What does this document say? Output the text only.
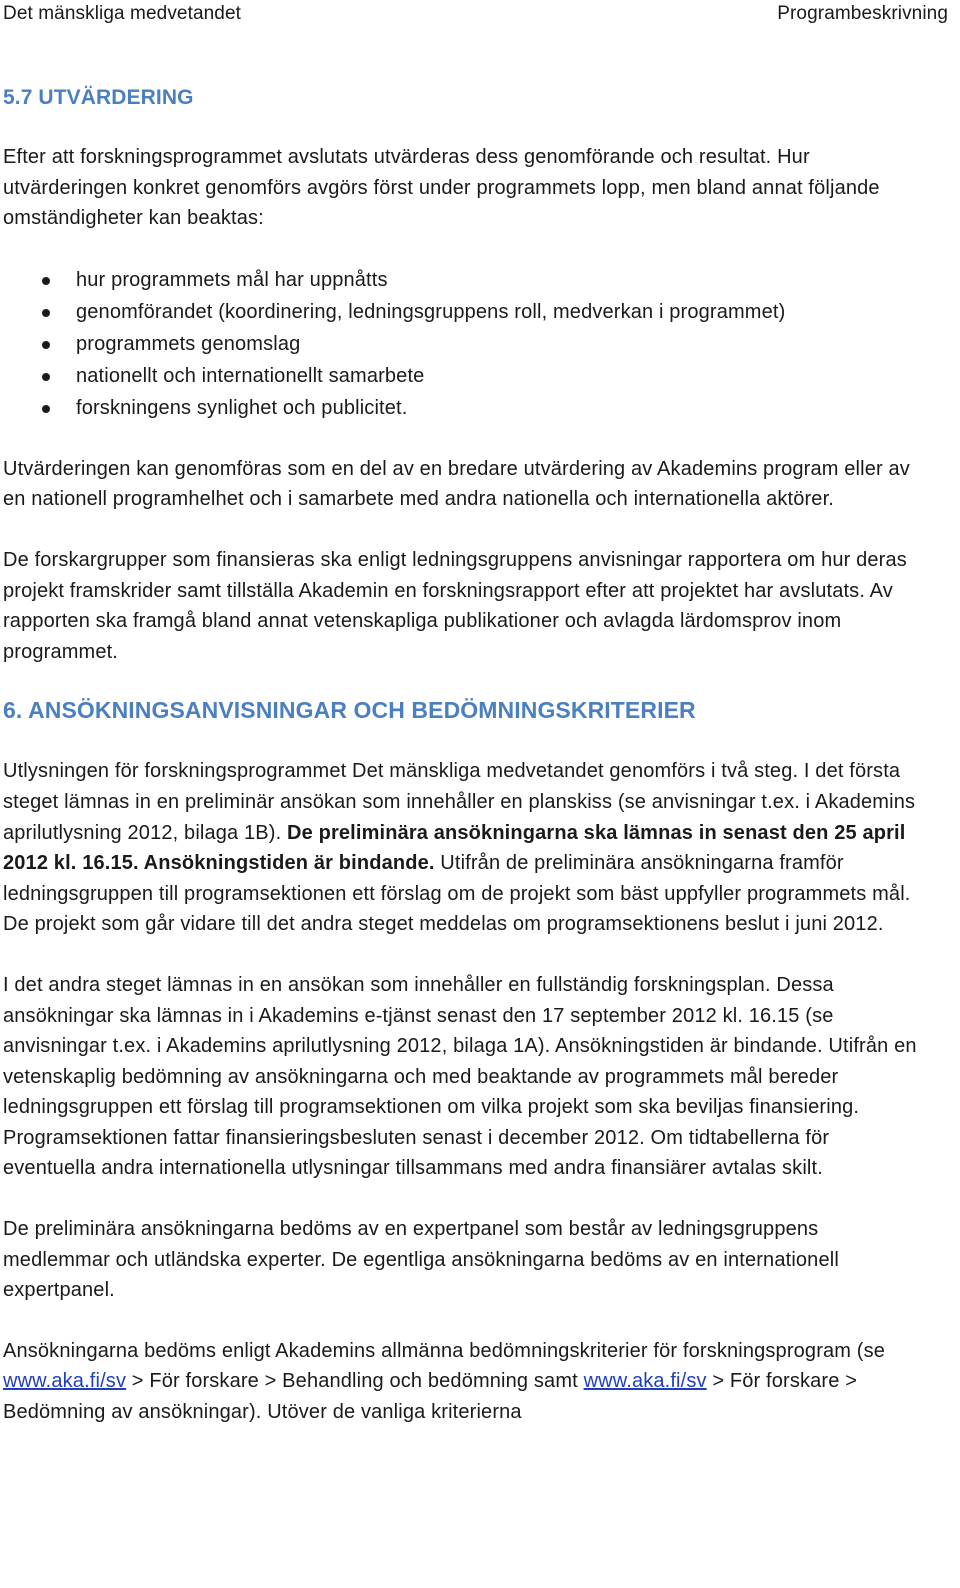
Det mänskliga medvetandet	Programbeskrivning
5.7 UTVÄRDERING

Efter att forskningsprogrammet avslutats utvärderas dess genomförande och resultat. Hur utvärderingen konkret genomförs avgörs först under programmets lopp, men bland annat följande omständigheter kan beaktas:

hur programmets mål har uppnåtts
genomförandet (koordinering, ledningsgruppens roll, medverkan i programmet)
programmets genomslag
nationellt och internationellt samarbete
forskningens synlighet och publicitet.

Utvärderingen kan genomföras som en del av en bredare utvärdering av Akademins program eller av en nationell programhelhet och i samarbete med andra nationella och internationella aktörer.

De forskargrupper som finansieras ska enligt ledningsgruppens anvisningar rapportera om hur deras projekt framskrider samt tillställa Akademin en forskningsrapport efter att projektet har avslutats. Av rapporten ska framgå bland annat vetenskapliga publikationer och avlagda lärdomsprov inom programmet.

6. ANSÖKNINGSANVISNINGAR OCH BEDÖMNINGSKRITERIER

Utlysningen för forskningsprogrammet Det mänskliga medvetandet genomförs i två steg. I det första steget lämnas in en preliminär ansökan som innehåller en planskiss (se anvisningar t.ex. i Akademins aprilutlysning 2012, bilaga 1B). De preliminära ansökningarna ska lämnas in senast den 25 april 2012 kl. 16.15. Ansökningstiden är bindande. Utifrån de preliminära ansökningarna framför ledningsgruppen till programsektionen ett förslag om de projekt som bäst uppfyller programmets mål. De projekt som går vidare till det andra steget meddelas om programsektionens beslut i juni 2012.

I det andra steget lämnas in en ansökan som innehåller en fullständig forskningsplan. Dessa ansökningar ska lämnas in i Akademins e-tjänst senast den 17 september 2012 kl. 16.15 (se anvisningar t.ex. i Akademins aprilutlysning 2012, bilaga 1A). Ansökningstiden är bindande. Utifrån en vetenskaplig bedömning av ansökningarna och med beaktande av programmets mål bereder ledningsgruppen ett förslag till programsektionen om vilka projekt som ska beviljas finansiering. Programsektionen fattar finansieringsbesluten senast i december 2012. Om tidtabellerna för eventuella andra internationella utlysningar tillsammans med andra finansiärer avtalas skilt.

De preliminära ansökningarna bedöms av en expertpanel som består av ledningsgruppens medlemmar och utländska experter. De egentliga ansökningarna bedöms av en internationell expertpanel.

Ansökningarna bedöms enligt Akademins allmänna bedömningskriterier för forskningsprogram (se www.aka.fi/sv > För forskare > Behandling och bedömning samt www.aka.fi/sv > För forskare > Bedömning av ansökningar). Utöver de vanliga kriterierna
